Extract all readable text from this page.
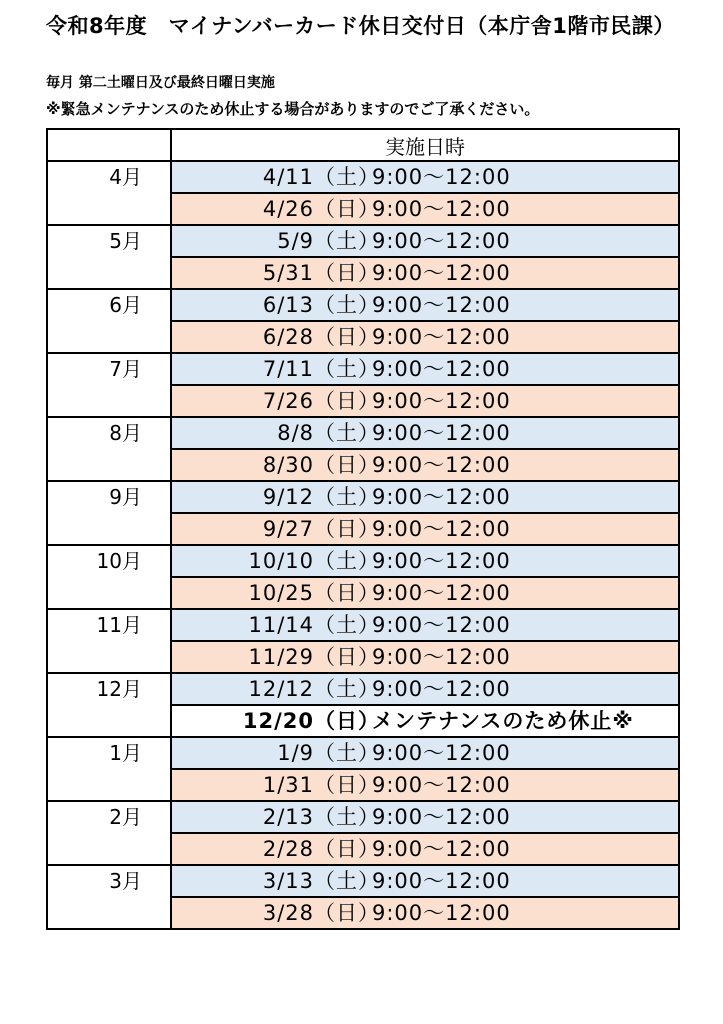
令和8年度　マイナンバーカード休日交付日（本庁舎1階市民課）
毎月 第二土曜日及び最終日曜日実施
※緊急メンテナンスのため休止する場合がありますのでご了承ください。
	実施日時
4月	4/11（土）9:00～12:00
	4/26（日）9:00～12:00
5月	5/9（土）9:00～12:00
	5/31（日）9:00～12:00
6月	6/13（土）9:00～12:00
	6/28（日）9:00～12:00
7月	7/11（土）9:00～12:00
	7/26（日）9:00～12:00
8月	8/8（土）9:00～12:00
	8/30（日）9:00～12:00
9月	9/12（土）9:00～12:00
	9/27（日）9:00～12:00
10月	10/10（土）9:00～12:00
	10/25（日）9:00～12:00
11月	11/14（土）9:00～12:00
	11/29（日）9:00～12:00
12月	12/12（土）9:00～12:00
	12/20（日）メンテナンスのため休止※
1月	1/9（土）9:00～12:00
	1/31（日）9:00～12:00
2月	2/13（土）9:00～12:00
	2/28（日）9:00～12:00
3月	3/13（土）9:00～12:00
	3/28（日）9:00～12:00
